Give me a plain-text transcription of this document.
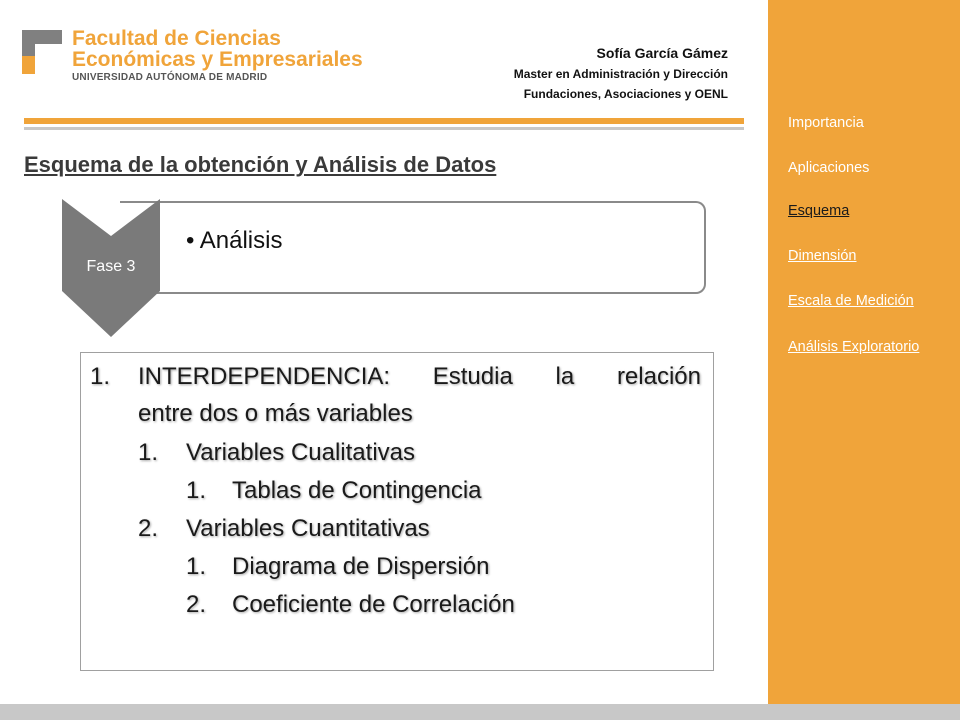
Facultad de Ciencias
Económicas y Empresariales
UNIVERSIDAD AUTÓNOMA DE MADRID
Sofía García Gámez
Master en Administración y Dirección
Fundaciones, Asociaciones y OENL
Esquema de la obtención y Análisis de Datos
• Análisis
Fase 3
1. INTERDEPENDENCIA: Estudia la relación
entre dos o más variables
1. Variables Cualitativas
1. Tablas de Contingencia
2. Variables Cuantitativas
1. Diagrama de Dispersión
2. Coeficiente de Correlación
Importancia
Aplicaciones
Esquema
Dimensión
Escala de Medición
Análisis Exploratorio
